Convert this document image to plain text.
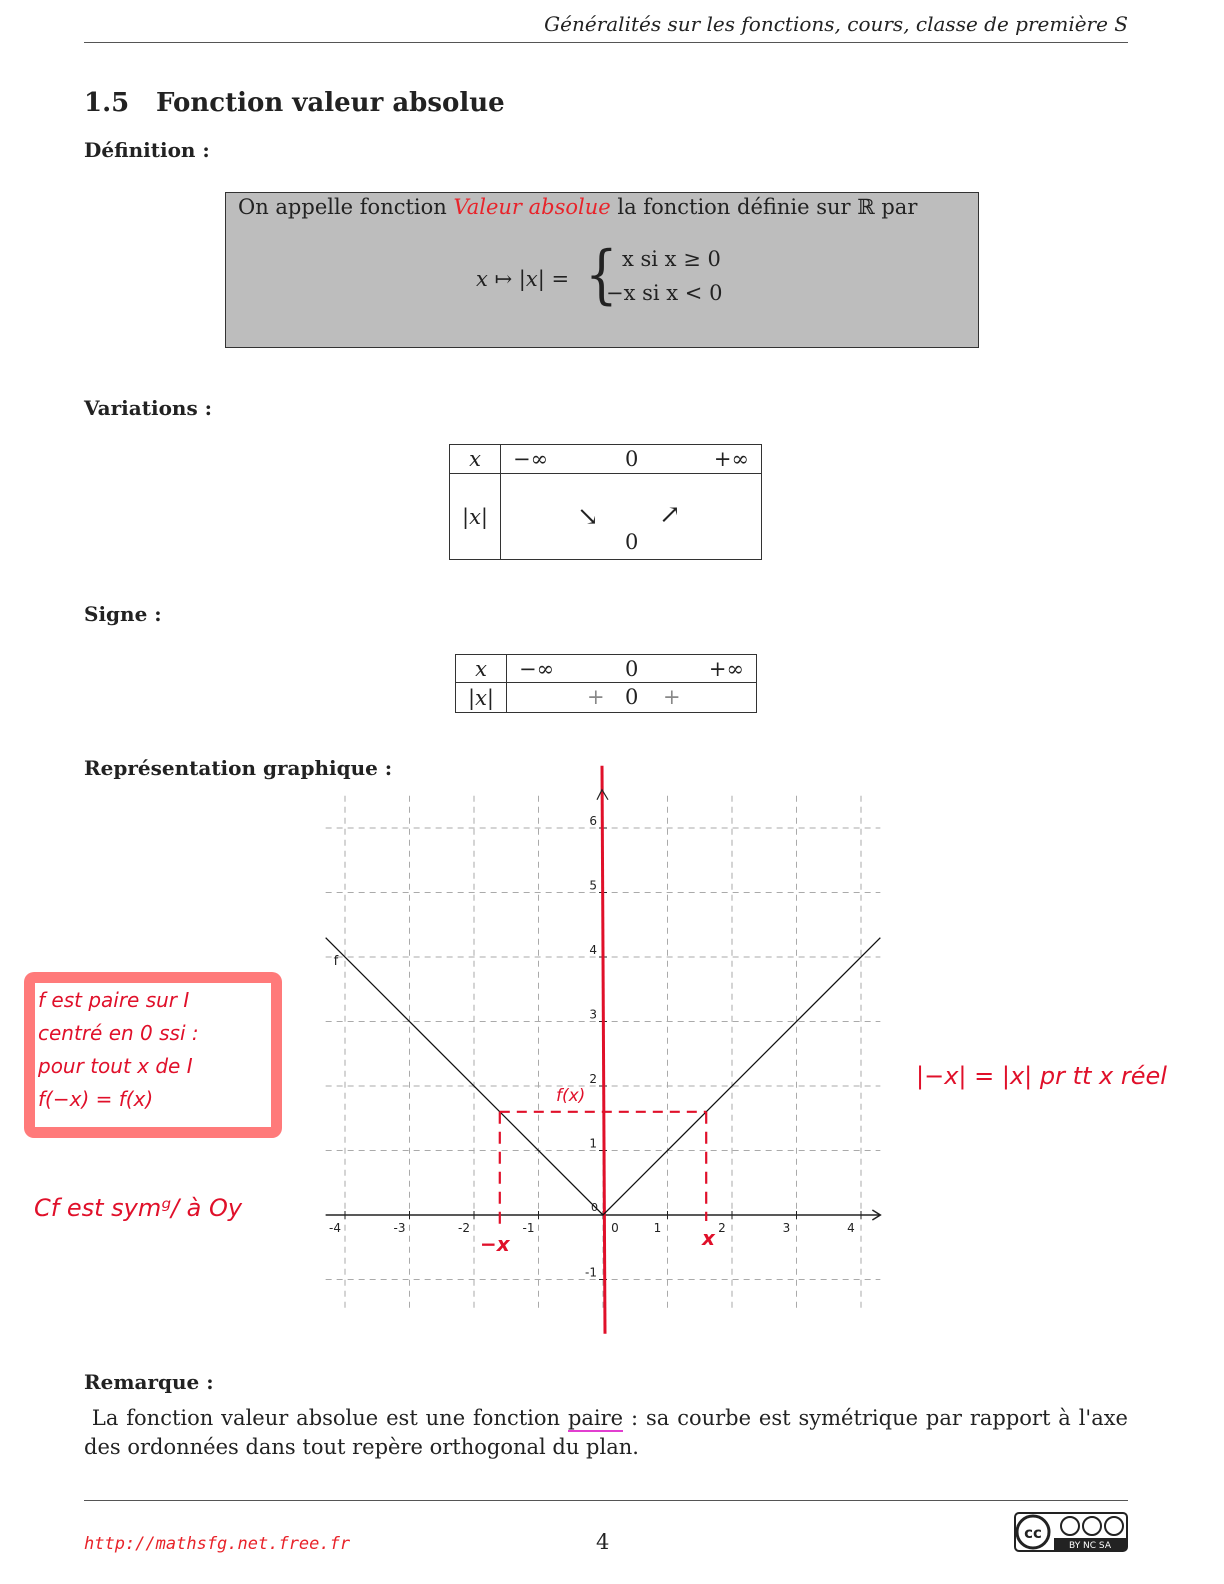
Généralités sur les fonctions, cours, classe de première S
1.5 Fonction valeur absolue
Définition :
On appelle fonction Valeur absolue la fonction définie sur ℝ par
x ↦ |x| = { x si x ≥ 0
−x si x < 0
Variations :
x	−∞ 0 +∞

|x|	↘ ↗
0
Signe :
x	−∞ 0 +∞

|x|	+ 0 +
Représentation graphique :
-4	-3	-2	-1	0	1	2	3	4
-1
1
2
3
4
5
6
0
f
f est paire sur I
centré en 0 ssi :
pour tout x de I
f(−x) = f(x)
Cf est symᵍ/ à Oy
|−x| = |x| pr tt x réel
f(x)
−x	x
Remarque :
La fonction valeur absolue est une fonction paire : sa courbe est symétrique par rapport à l'axe des ordonnées dans tout repère orthogonal du plan.
http://mathsfg.net.free.fr	4	cc
BY NC SA
